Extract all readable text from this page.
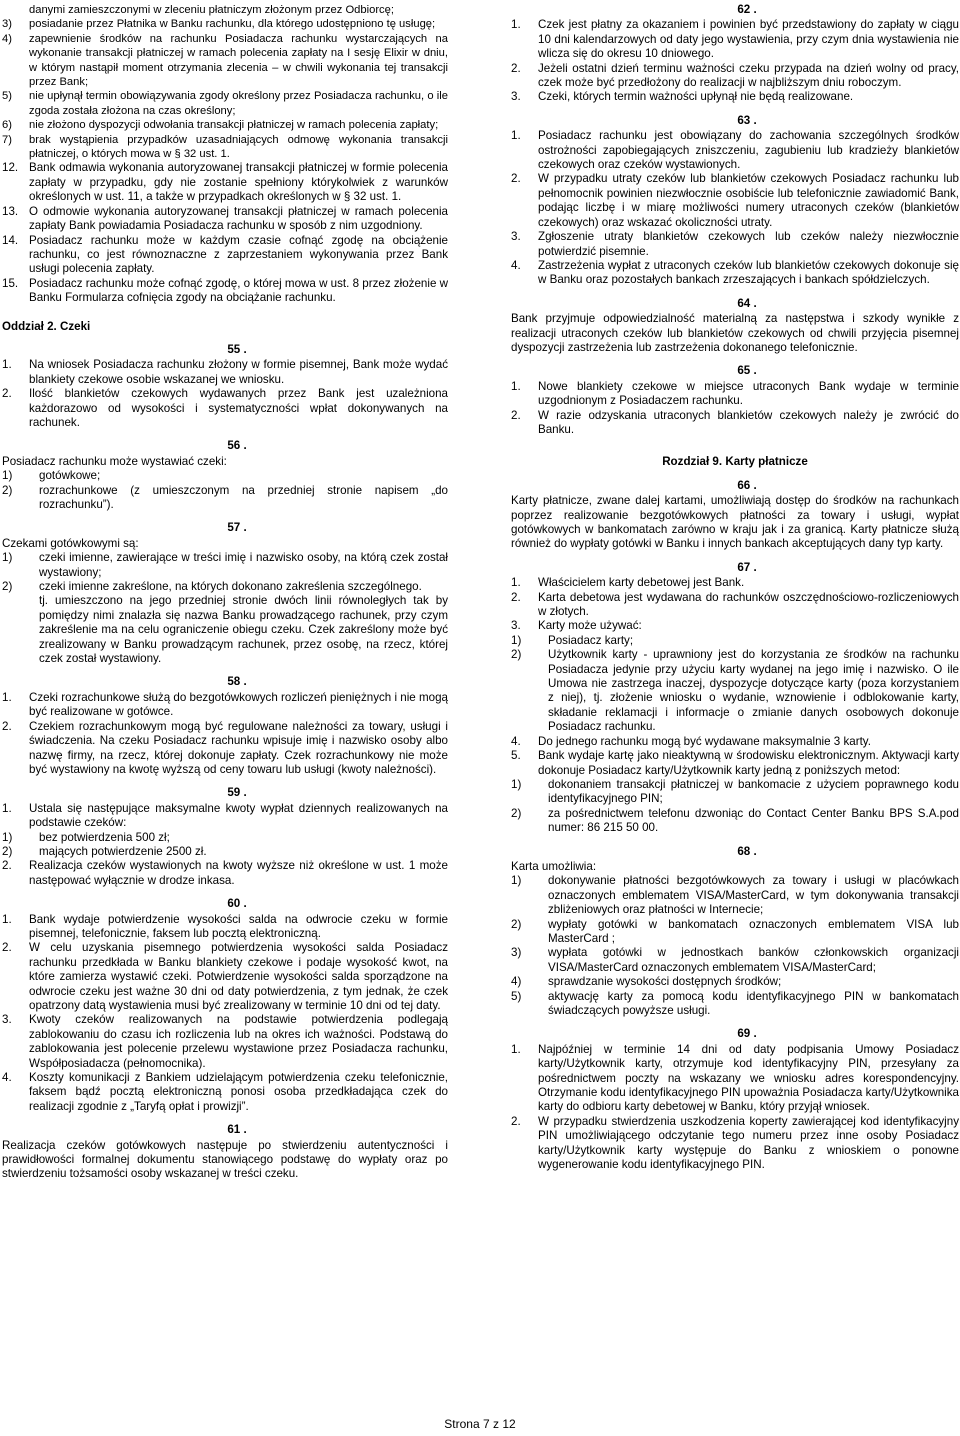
danymi zamieszczonymi w zleceniu płatniczym złożonym przez Odbiorcę;
3)	posiadanie przez Płatnika w Banku rachunku, dla którego udostępniono tę usługę;
4)	zapewnienie środków na rachunku Posiadacza rachunku wystarczających na wykonanie transakcji płatniczej w ramach polecenia zapłaty na I sesję Elixir w dniu, w którym nastąpił moment otrzymania zlecenia – w chwili wykonania tej transakcji przez Bank;
5)	nie upłynął termin obowiązywania zgody określony przez Posiadacza rachunku, o ile zgoda została złożona na czas określony;
6)	nie złożono dyspozycji odwołania transakcji płatniczej w ramach polecenia zapłaty;
7)	brak wystąpienia przypadków uzasadniających odmowę wykonania transakcji płatniczej, o których mowa w § 32 ust. 1.
12. Bank odmawia wykonania autoryzowanej transakcji płatniczej w formie polecenia zapłaty w przypadku, gdy nie zostanie spełniony którykolwiek z warunków określonych w ust. 11, a także w przypadkach określonych w § 32 ust. 1.
13. O odmowie wykonania autoryzowanej transakcji płatniczej w ramach polecenia zapłaty Bank powiadamia Posiadacza rachunku w sposób z nim uzgodniony.
14. Posiadacz rachunku może w każdym czasie cofnąć zgodę na obciążenie rachunku, co jest równoznaczne z zaprzestaniem wykonywania przez Bank usługi polecenia zapłaty.
15. Posiadacz rachunku może cofnąć zgodę, o której mowa w ust. 8 przez złożenie w Banku Formularza cofnięcia zgody na obciążanie rachunku.

Oddział 2. Czeki

55 .

1.	Na wniosek Posiadacza rachunku złożony w formie pisemnej, Bank może wydać blankiety czekowe osobie wskazanej we wniosku.
2.	Ilość blankietów czekowych wydawanych przez Bank jest uzależniona każdorazowo od wysokości i systematyczności wpłat dokonywanych na rachunek.

56 .

Posiadacz rachunku może wystawiać czeki:

1)	gotówkowe;
2)	rozrachunkowe (z umieszczonym na przedniej stronie napisem „do rozrachunku”).

57 .

Czekami gotówkowymi są:

1)	czeki imienne, zawierające w treści imię i nazwisko osoby, na którą czek został wystawiony;
2)	czeki imienne zakreślone, na których dokonano zakreślenia szczególnego.

tj. umieszczono na jego przedniej stronie dwóch linii równoległych tak by pomiędzy nimi znalazła się nazwa Banku prowadzącego rachunek, przy czym zakreślenie ma na celu ograniczenie obiegu czeku. Czek zakreślony może być zrealizowany w Banku prowadzącym rachunek, przez osobę, na rzecz, której czek został wystawiony.

58 .

1.	Czeki rozrachunkowe służą do bezgotówkowych rozliczeń pieniężnych i nie mogą być realizowane w gotówce.
2.	Czekiem rozrachunkowym mogą być regulowane należności za towary, usługi i świadczenia. Na czeku Posiadacz rachunku wpisuje imię i nazwisko osoby albo nazwę firmy, na rzecz, której dokonuje zapłaty. Czek rozrachunkowy nie może być wystawiony na kwotę wyższą od ceny towaru lub usługi (kwoty należności).

59 .

1.	Ustala się następujące maksymalne kwoty wypłat dziennych realizowanych na podstawie czeków:
1)	bez potwierdzenia 500 zł;
2)	mających potwierdzenie 2500 zł.
2.	Realizacja czeków wystawionych na kwoty wyższe niż określone w ust. 1 może następować wyłącznie w drodze inkasa.

60 .

1.	Bank wydaje potwierdzenie wysokości salda na odwrocie czeku w formie pisemnej, telefonicznie, faksem lub pocztą elektroniczną.
2.	W celu uzyskania pisemnego potwierdzenia wysokości salda Posiadacz rachunku przedkłada w Banku blankiety czekowe i podaje wysokość kwot, na które zamierza wystawić czeki. Potwierdzenie wysokości salda sporządzone na odwrocie czeku jest ważne 30 dni od daty potwierdzenia, z tym jednak, że czek opatrzony datą wystawienia musi być zrealizowany w terminie 10 dni od tej daty.
3.	Kwoty czeków realizowanych na podstawie potwierdzenia podlegają zablokowaniu do czasu ich rozliczenia lub na okres ich ważności. Podstawą do zablokowania jest polecenie przelewu wystawione przez Posiadacza rachunku, Współposiadacza (pełnomocnika).
4.	Koszty komunikacji z Bankiem udzielającym potwierdzenia czeku telefonicznie, faksem bądź pocztą elektroniczną ponosi osoba przedkładająca czek do realizacji zgodnie z „Taryfą opłat i prowizji”.

61 .

Realizacja czeków gotówkowych następuje po stwierdzeniu autentyczności i prawidłowości formalnej dokumentu stanowiącego podstawę do wypłaty oraz po stwierdzeniu tożsamości osoby wskazanej w treści czeku.

62 .

1.	Czek jest płatny za okazaniem i powinien być przedstawiony do zapłaty w ciągu 10 dni kalendarzowych od daty jego wystawienia, przy czym dnia wystawienia nie wlicza się do okresu 10 dniowego.
2.	Jeżeli ostatni dzień terminu ważności czeku przypada na dzień wolny od pracy, czek może być przedłożony do realizacji w najbliższym dniu roboczym.
3.	Czeki, których termin ważności upłynął nie będą realizowane.

63 .

1.	Posiadacz rachunku jest obowiązany do zachowania szczególnych środków ostrożności zapobiegających zniszczeniu, zagubieniu lub kradzieży blankietów czekowych oraz czeków wystawionych.
2.	W przypadku utraty czeków lub blankietów czekowych Posiadacz rachunku lub pełnomocnik powinien niezwłocznie osobiście lub telefonicznie zawiadomić Bank, podając liczbę i w miarę możliwości numery utraconych czeków (blankietów czekowych) oraz wskazać okoliczności utraty.
3.	Zgłoszenie utraty blankietów czekowych lub czeków należy niezwłocznie potwierdzić pisemnie.
4.	Zastrzeżenia wypłat z utraconych czeków lub blankietów czekowych dokonuje się w Banku oraz pozostałych bankach zrzeszających i bankach spółdzielczych.

64 .

Bank przyjmuje odpowiedzialność materialną za następstwa i szkody wynikłe z realizacji utraconych czeków lub blankietów czekowych od chwili przyjęcia pisemnej dyspozycji zastrzeżenia lub zastrzeżenia dokonanego telefonicznie.

65 .

1.	Nowe blankiety czekowe w miejsce utraconych Bank wydaje w terminie uzgodnionym z Posiadaczem rachunku.
2.	W razie odzyskania utraconych blankietów czekowych należy je zwrócić do Banku.

Rozdział 9. Karty płatnicze

66 .

Karty płatnicze, zwane dalej kartami, umożliwiają dostęp do środków na rachunkach poprzez realizowanie bezgotówkowych płatności za towary i usługi, wypłat gotówkowych w bankomatach zarówno w kraju jak i za granicą. Karty płatnicze służą również do wypłaty gotówki w Banku i innych bankach akceptujących dany typ karty.

67 .

1.	Właścicielem karty debetowej jest Bank.
2.	Karta debetowa jest wydawana do rachunków oszczędnościowo-rozliczeniowych w złotych.
3.	Karty może używać:
1)	Posiadacz karty;
2)	Użytkownik karty - uprawniony jest do korzystania ze środków na rachunku Posiadacza jedynie przy użyciu karty wydanej na jego imię i nazwisko. O ile Umowa nie zastrzega inaczej, dyspozycje dotyczące karty (poza korzystaniem z niej), tj. złożenie wniosku o wydanie, wznowienie i odblokowanie karty, składanie reklamacji i informacje o zmianie danych osobowych dokonuje Posiadacz rachunku.
4.	Do jednego rachunku mogą być wydawane maksymalnie 3 karty.
5.	Bank wydaje kartę jako nieaktywną w środowisku elektronicznym. Aktywacji karty dokonuje Posiadacz karty/Użytkownik karty jedną z poniższych metod:
1)	dokonaniem transakcji płatniczej w bankomacie z użyciem poprawnego kodu identyfikacyjnego PIN;
2)	za pośrednictwem telefonu dzwoniąc do Contact Center Banku BPS S.A.pod numer: 86 215 50 00.

68 .

Karta umożliwia:

1)	dokonywanie płatności bezgotówkowych za towary i usługi w placówkach oznaczonych emblematem VISA/MasterCard, w tym dokonywania transakcji zbliżeniowych oraz płatności w Internecie;
2)	wypłaty gotówki w bankomatach oznaczonych emblematem VISA lub MasterCard ;
3)	wypłata gotówki w jednostkach banków członkowskich organizacji VISA/MasterCard oznaczonych emblematem VISA/MasterCard;
4)	sprawdzanie wysokości dostępnych środków;
5)	aktywację karty za pomocą kodu identyfikacyjnego PIN w bankomatach świadczących powyższe usługi.

69 .

1.	Najpóźniej w terminie 14 dni od daty podpisania Umowy Posiadacz karty/Użytkownik karty, otrzymuje kod identyfikacyjny PIN, przesyłany za pośrednictwem poczty na wskazany we wniosku adres korespondencyjny. Otrzymanie kodu identyfikacyjnego PIN upoważnia Posiadacza karty/Użytkownika karty do odbioru karty debetowej w Banku, który przyjął wniosek.
2.	W przypadku stwierdzenia uszkodzenia koperty zawierającej kod identyfikacyjny PIN umożliwiającego odczytanie tego numeru przez inne osoby Posiadacz karty/Użytkownik karty występuje do Banku z wnioskiem o ponowne wygenerowanie kodu identyfikacyjnego PIN.
Strona 7 z 12
